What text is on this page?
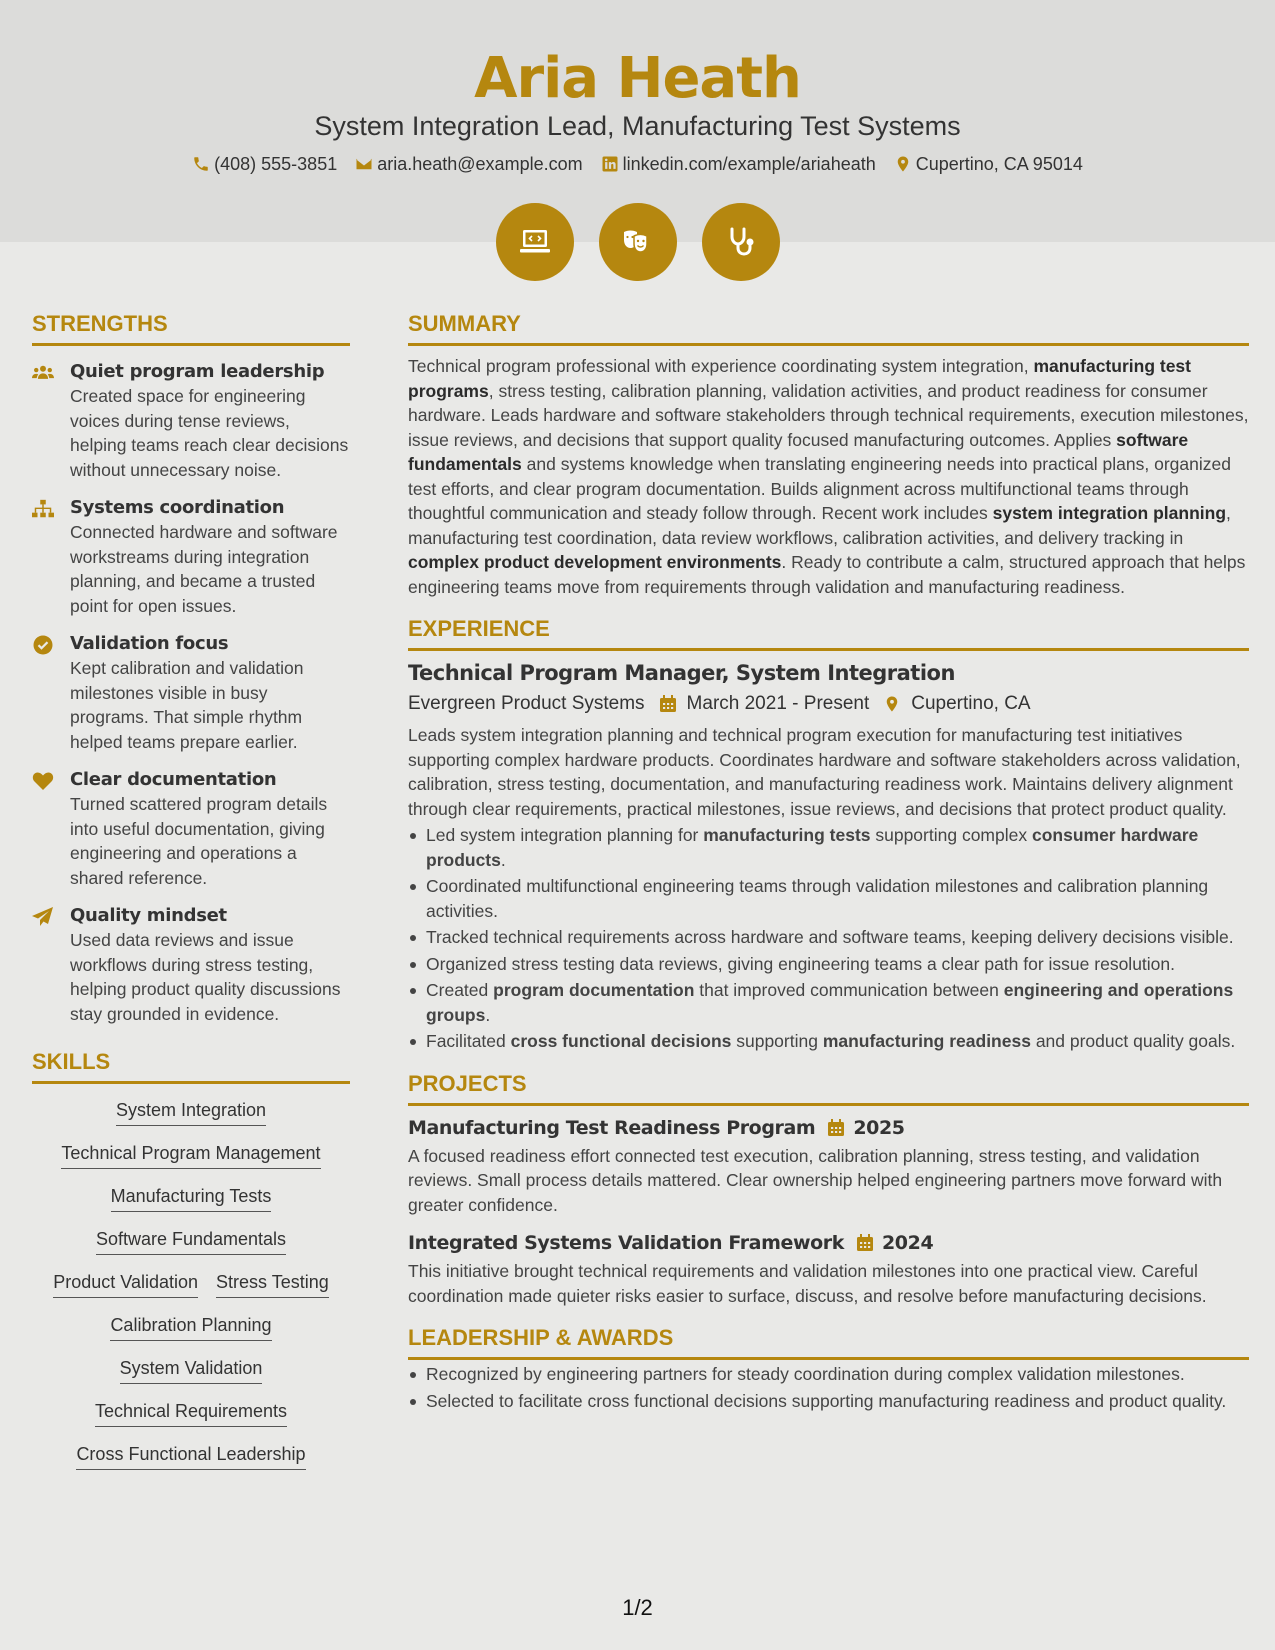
Aria Heath
System Integration Lead, Manufacturing Test Systems
(408) 555-3851 aria.heath@example.com linkedin.com/example/ariaheath Cupertino, CA 95014
STRENGTHS
Quiet program leadership
Created space for engineering voices during tense reviews, helping teams reach clear decisions without unnecessary noise.
Systems coordination
Connected hardware and software workstreams during integration planning, and became a trusted point for open issues.
Validation focus
Kept calibration and validation milestones visible in busy programs. That simple rhythm helped teams prepare earlier.
Clear documentation
Turned scattered program details into useful documentation, giving engineering and operations a shared reference.
Quality mindset
Used data reviews and issue workflows during stress testing, helping product quality discussions stay grounded in evidence.
SKILLS
System Integration
Technical Program Management
Manufacturing Tests
Software Fundamentals
Product Validation Stress Testing
Calibration Planning
System Validation
Technical Requirements
Cross Functional Leadership
SUMMARY
Technical program professional with experience coordinating system integration, manufacturing test programs, stress testing, calibration planning, validation activities, and product readiness for consumer hardware. Leads hardware and software stakeholders through technical requirements, execution milestones, issue reviews, and decisions that support quality focused manufacturing outcomes. Applies software fundamentals and systems knowledge when translating engineering needs into practical plans, organized test efforts, and clear program documentation. Builds alignment across multifunctional teams through thoughtful communication and steady follow through. Recent work includes system integration planning, manufacturing test coordination, data review workflows, calibration activities, and delivery tracking in complex product development environments. Ready to contribute a calm, structured approach that helps engineering teams move from requirements through validation and manufacturing readiness.
EXPERIENCE
Technical Program Manager, System Integration
Evergreen Product Systems March 2021 - Present Cupertino, CA
Leads system integration planning and technical program execution for manufacturing test initiatives supporting complex hardware products. Coordinates hardware and software stakeholders across validation, calibration, stress testing, documentation, and manufacturing readiness work. Maintains delivery alignment through clear requirements, practical milestones, issue reviews, and decisions that protect product quality.
Led system integration planning for manufacturing tests supporting complex consumer hardware products.
Coordinated multifunctional engineering teams through validation milestones and calibration planning activities.
Tracked technical requirements across hardware and software teams, keeping delivery decisions visible.
Organized stress testing data reviews, giving engineering teams a clear path for issue resolution.
Created program documentation that improved communication between engineering and operations groups.
Facilitated cross functional decisions supporting manufacturing readiness and product quality goals.
PROJECTS
Manufacturing Test Readiness Program 2025
A focused readiness effort connected test execution, calibration planning, stress testing, and validation reviews. Small process details mattered. Clear ownership helped engineering partners move forward with greater confidence.
Integrated Systems Validation Framework 2024
This initiative brought technical requirements and validation milestones into one practical view. Careful coordination made quieter risks easier to surface, discuss, and resolve before manufacturing decisions.
LEADERSHIP & AWARDS
Recognized by engineering partners for steady coordination during complex validation milestones.
Selected to facilitate cross functional decisions supporting manufacturing readiness and product quality.
1/2
